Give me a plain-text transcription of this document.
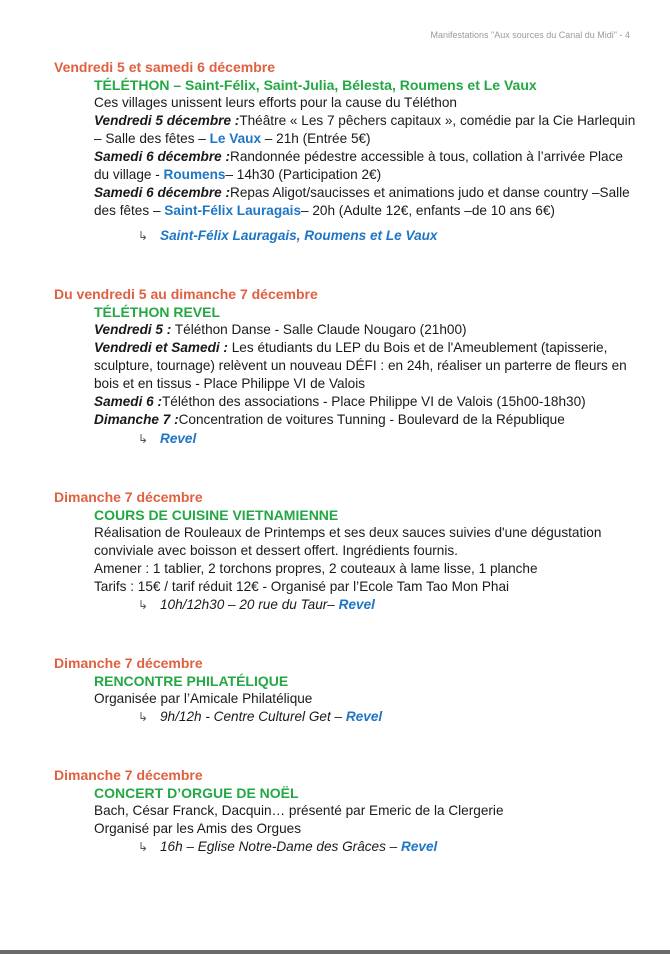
Manifestations "Aux sources du Canal du Midi" - 4
Vendredi 5 et samedi 6 décembre
TÉLÉTHON – Saint-Félix, Saint-Julia, Bélesta, Roumens et Le Vaux
Ces villages unissent leurs efforts pour la cause du Téléthon
Vendredi 5 décembre :Théâtre « Les 7 pêchers capitaux », comédie par la Cie Harlequin – Salle des fêtes – Le Vaux – 21h (Entrée 5€)
Samedi 6 décembre :Randonnée pédestre accessible à tous, collation à l’arrivée Place du village - Roumens– 14h30 (Participation 2€)
Samedi 6 décembre :Repas Aligot/saucisses et animations judo et danse country –Salle des fêtes – Saint-Félix Lauragais– 20h (Adulte 12€, enfants –de 10 ans 6€)
↳ Saint-Félix Lauragais, Roumens et Le Vaux
Du vendredi 5 au dimanche 7 décembre
TÉLÉTHON REVEL
Vendredi 5 : Téléthon Danse - Salle Claude Nougaro (21h00)
Vendredi et Samedi : Les étudiants du LEP du Bois et de l'Ameublement (tapisserie, sculpture, tournage) relèvent un nouveau DÉFI : en 24h, réaliser un parterre de fleurs en bois et en tissus - Place Philippe VI de Valois
Samedi 6 :Téléthon des associations - Place Philippe VI de Valois (15h00-18h30)
Dimanche 7 :Concentration de voitures Tunning - Boulevard de la République
↳ Revel
Dimanche 7 décembre
COURS DE CUISINE VIETNAMIENNE
Réalisation de Rouleaux de Printemps et ses deux sauces suivies d'une dégustation conviviale avec boisson et dessert offert. Ingrédients fournis.
Amener : 1 tablier, 2 torchons propres, 2 couteaux à lame lisse, 1 planche
Tarifs : 15€ / tarif réduit 12€ - Organisé par l’Ecole Tam Tao Mon Phai
↳ 10h/12h30 – 20 rue du Taur– Revel
Dimanche 7 décembre
RENCONTRE PHILATÉLIQUE
Organisée par l’Amicale Philatélique
↳ 9h/12h - Centre Culturel Get – Revel
Dimanche 7 décembre
CONCERT D’ORGUE DE NOËL
Bach, César Franck, Dacquin… présenté par Emeric de la Clergerie
Organisé par les Amis des Orgues
↳ 16h – Eglise Notre-Dame des Grâces – Revel
